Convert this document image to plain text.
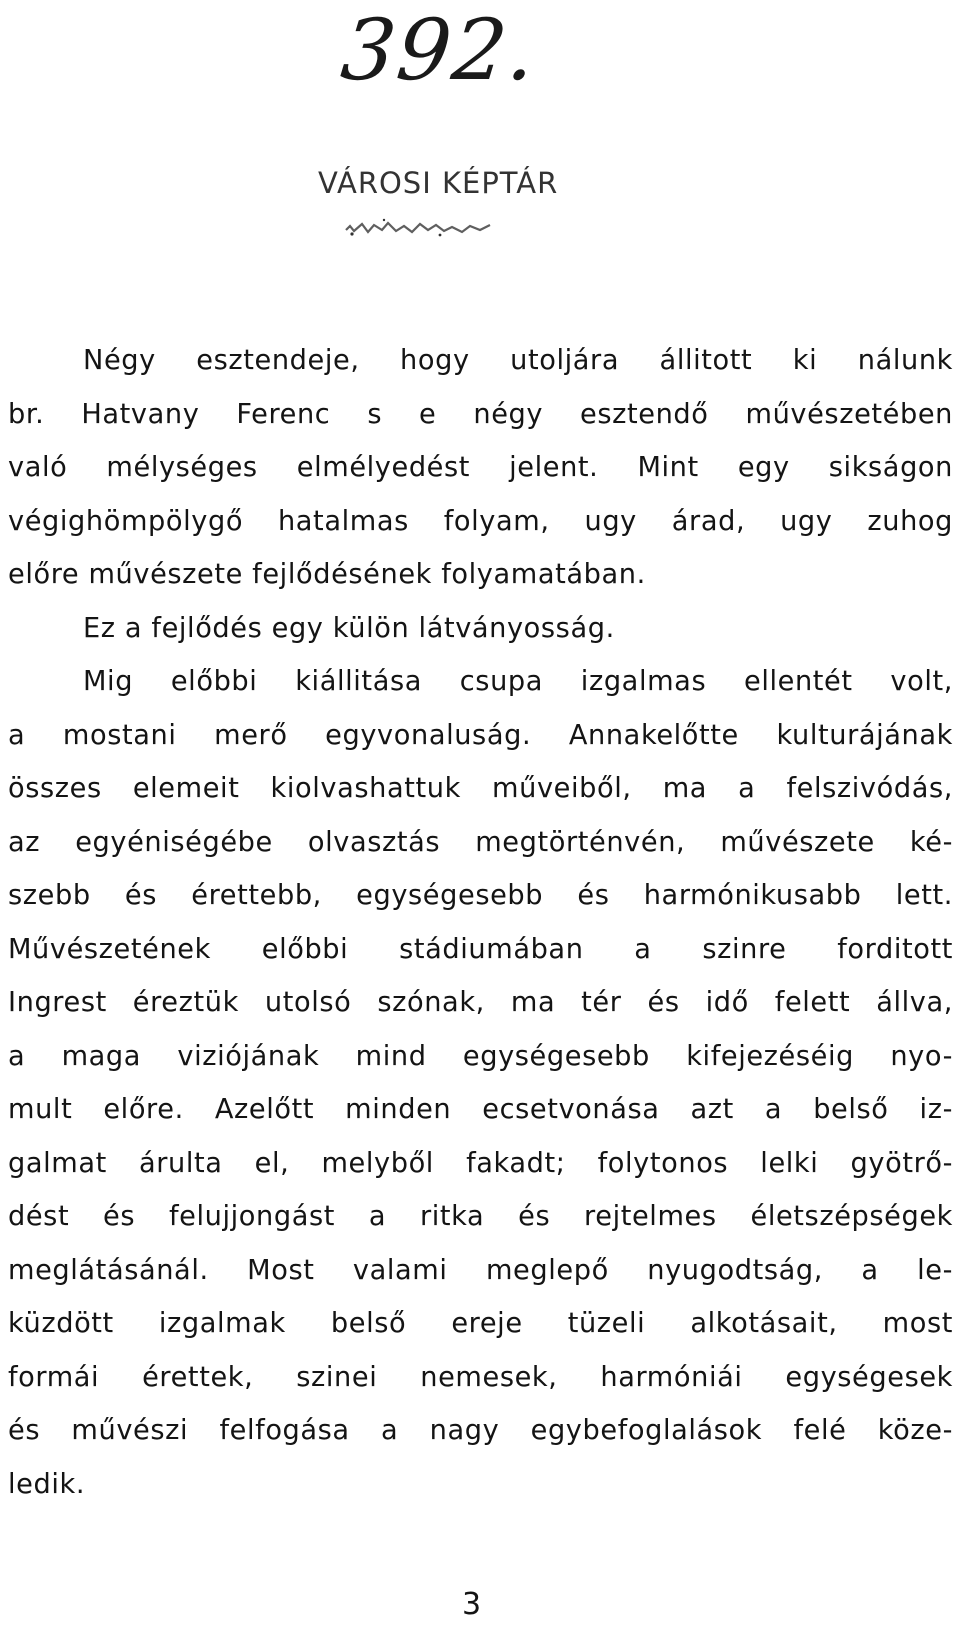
392.
VÁROSI KÉPTÁR
Négy esztendeje, hogy utoljára állitott ki nálunk
br. Hatvany Ferenc s e négy esztendő művészetében
való mélységes elmélyedést jelent. Mint egy sikságon
végighömpölygő hatalmas folyam, ugy árad, ugy zuhog
előre művészete fejlődésének folyamatában.
Ez a fejlődés egy külön látványosság.
Mig előbbi kiállitása csupa izgalmas ellentét volt,
a mostani merő egyvonaluság. Annakelőtte kulturájának
összes elemeit kiolvashattuk műveiből, ma a felszivódás,
az egyéniségébe olvasztás megtörténvén, művészete ké-
szebb és érettebb, egységesebb és harmónikusabb lett.
Művészetének előbbi stádiumában a szinre forditott
Ingrest éreztük utolsó szónak, ma tér és idő felett állva,
a maga viziójának mind egységesebb kifejezéséig nyo-
mult előre. Azelőtt minden ecsetvonása azt a belső iz-
galmat árulta el, melyből fakadt; folytonos lelki gyötrő-
dést és felujjongást a ritka és rejtelmes életszépségek
meglátásánál. Most valami meglepő nyugodtság, a le-
küzdött izgalmak belső ereje tüzeli alkotásait, most
formái érettek, szinei nemesek, harmóniái egységesek
és művészi felfogása a nagy egybefoglalások felé köze-
ledik.
3
